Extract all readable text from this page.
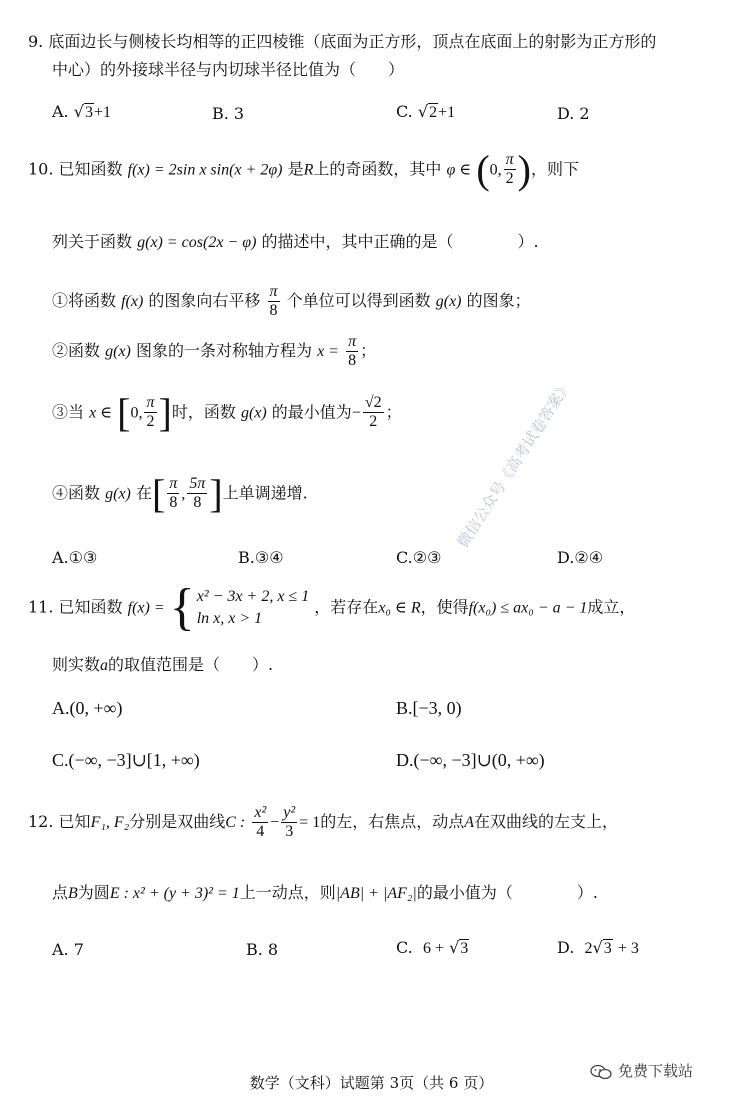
9. 底面边长与侧棱长均相等的正四棱锥（底面为正方形，顶点在底面上的射影为正方形的
中心）的外接球半径与内切球半径比值为（　　）
A. √3+1	B. 3	C. √2+1	D. 2
10. 已知函数 f(x) = 2sin x sin(x + 2φ) 是R上的奇函数，其中 φ ∈ (0, $\frac{\pi}{2}$ )，则下
列关于函数 g(x) = cos(2x − φ) 的描述中，其中正确的是（　　　　）.
①将函数 f(x) 的图象向右平移 $\frac{\pi}{8}$ 个单位可以得到函数 g(x) 的图象；
②函数 g(x) 图象的一条对称轴方程为 $x = \frac{\pi}{8}$ ；
③当 x ∈ [0, $\frac{\pi}{2}$ ]时，函数 g(x) 的最小值为− $\frac{√2}{2}$ ；
④函数 g(x) 在[ $\frac{\pi}{8}$ , $\frac{5\pi}{8}$ ]上单调递增.
A.①③	B.③④	C.②③	D.②④
11. 已知函数 f(x) = { x² − 3x + 2, x ≤ 1
ln x, x > 1
，若存在x₀ ∈ R，使得f(x₀) ≤ ax₀ − a − 1成立，
则实数a的取值范围是（　　）.
A.(0, +∞)	B.[−3, 0)
C.(−∞, −3]∪[1, +∞)	D.(−∞, −3]∪(0, +∞)
12. 已知F₁, F₂分别是双曲线C : $\frac{\text{x²}}{4} - \frac{\text{y²}}{3} = 1$的左，右焦点，动点A在双曲线的左支上，
点B为圆E : x² + (y + 3)² = 1上一动点，则|AB| + |AF₂|的最小值为（　　　　）.
A. 7	B. 8	C. 6 + √3	D. 2√3 + 3
微信公众号《高考试卷答案》
免费下载站
数学（文科）试题第 3页（共 6 页）
